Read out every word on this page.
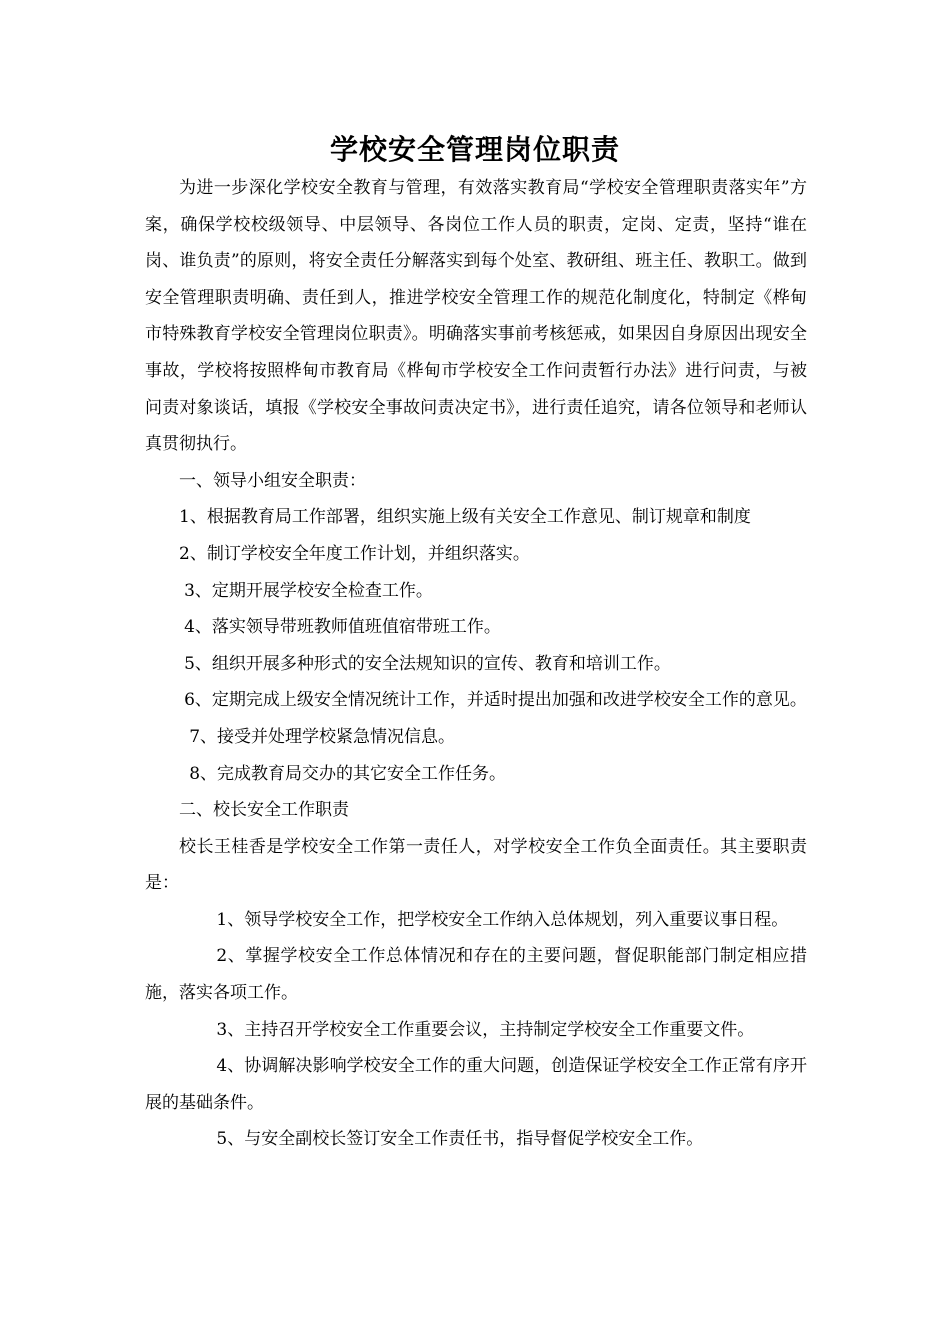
学校安全管理岗位职责

为进一步深化学校安全教育与管理，有效落实教育局“学校安全管理职责落实年”方案，确保学校校级领导、中层领导、各岗位工作人员的职责，定岗、定责，坚持“谁在岗、谁负责”的原则，将安全责任分解落实到每个处室、教研组、班主任、教职工。做到安全管理职责明确、责任到人，推进学校安全管理工作的规范化制度化，特制定《桦甸市特殊教育学校安全管理岗位职责》。明确落实事前考核惩戒，如果因自身原因出现安全事故，学校将按照桦甸市教育局《桦甸市学校安全工作问责暂行办法》进行问责，与被问责对象谈话，填报《学校安全事故问责决定书》，进行责任追究，请各位领导和老师认真贯彻执行。

一、领导小组安全职责：

1、根据教育局工作部署，组织实施上级有关安全工作意见、制订规章和制度

2、制订学校安全年度工作计划，并组织落实。

3、定期开展学校安全检查工作。

4、落实领导带班教师值班值宿带班工作。

5、组织开展多种形式的安全法规知识的宣传、教育和培训工作。

6、定期完成上级安全情况统计工作，并适时提出加强和改进学校安全工作的意见。

7、接受并处理学校紧急情况信息。

8、完成教育局交办的其它安全工作任务。

二、校长安全工作职责

校长王桂香是学校安全工作第一责任人，对学校安全工作负全面责任。其主要职责是：

1、领导学校安全工作，把学校安全工作纳入总体规划，列入重要议事日程。

2、掌握学校安全工作总体情况和存在的主要问题，督促职能部门制定相应措施，落实各项工作。

3、主持召开学校安全工作重要会议，主持制定学校安全工作重要文件。

4、协调解决影响学校安全工作的重大问题，创造保证学校安全工作正常有序开展的基础条件。

5、与安全副校长签订安全工作责任书，指导督促学校安全工作。
